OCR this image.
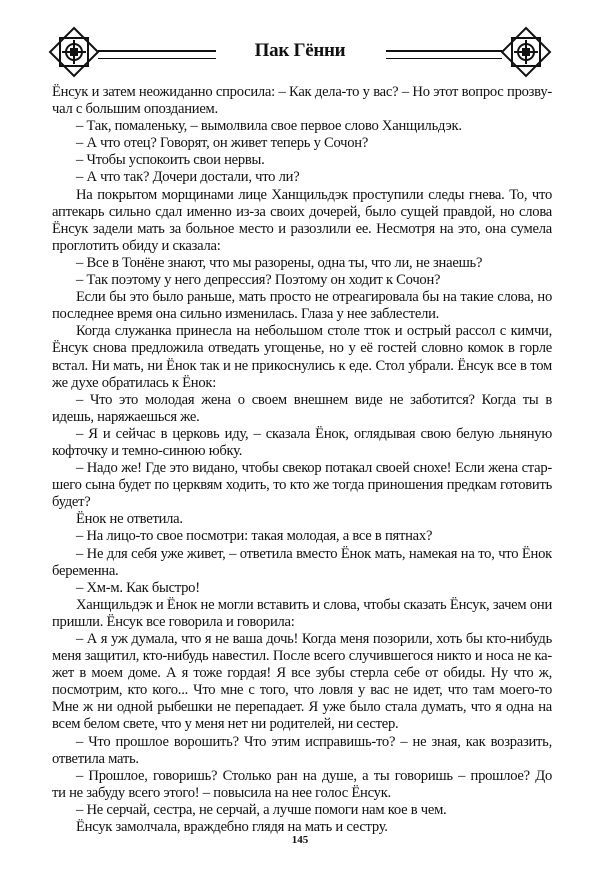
Пак Гённи
Ёнсук и затем неожиданно спросила: – Как дела-то у вас? – Но этот вопрос прозву-
чал с большим опозданием.
– Так, помаленьку, – вымолвила свое первое слово Ханщильдэк.
– А что отец? Говорят, он живет теперь у Сочон?
– Чтобы успокоить свои нервы.
– А что так? Дочери достали, что ли?
На покрытом морщинами лице Ханщильдэк проступили следы гнева. То, что
аптекарь сильно сдал именно из-за своих дочерей, было сущей правдой, но слова
Ёнсук задели мать за больное место и разозлили ее. Несмотря на это, она сумела
проглотить обиду и сказала:
– Все в Тонёне знают, что мы разорены, одна ты, что ли, не знаешь?
– Так поэтому у него депрессия? Поэтому он ходит к Сочон?
Если бы это было раньше, мать просто не отреагировала бы на такие слова, но
последнее время она сильно изменилась. Глаза у нее заблестели.
Когда служанка принесла на небольшом столе тток и острый рассол с кимчи,
Ёнсук снова предложила отведать угощенье, но у её гостей словно комок в горле
встал. Ни мать, ни Ёнок так и не прикоснулись к еде. Стол убрали. Ёнсук все в том
же духе обратилась к Ёнок:
– Что это молодая жена о своем внешнем виде не заботится? Когда ты в
идешь, наряжаешься же.
– Я и сейчас в церковь иду, – сказала Ёнок, оглядывая свою белую льняную
кофточку и темно-синюю юбку.
– Надо же! Где это видано, чтобы свекор потакал своей снохе! Если жена стар-
шего сына будет по церквям ходить, то кто же тогда приношения предкам готовить
будет?
Ёнок не ответила.
– На лицо-то свое посмотри: такая молодая, а все в пятнах?
– Не для себя уже живет, – ответила вместо Ёнок мать, намекая на то, что Ёнок
беременна.
– Хм-м. Как быстро!
Ханщильдэк и Ёнок не могли вставить и слова, чтобы сказать Ёнсук, зачем они
пришли. Ёнсук все говорила и говорила:
– А я уж думала, что я не ваша дочь! Когда меня позорили, хоть бы кто-нибудь
меня защитил, кто-нибудь навестил. После всего случившегося никто и носа не ка-
жет в моем доме. А я тоже гордая! Я все зубы стерла себе от обиды. Ну что ж,
посмотрим, кто кого... Что мне с того, что ловля у вас не идет, что там моего-то
Мне ж ни одной рыбешки не перепадает. Я уже было стала думать, что я одна на
всем белом свете, что у меня нет ни родителей, ни сестер.
– Что прошлое ворошить? Что этим исправишь-то? – не зная, как возразить,
ответила мать.
– Прошлое, говоришь? Столько ран на душе, а ты говоришь – прошлое? До
ти не забуду всего этого! – повысила на нее голос Ёнсук.
– Не серчай, сестра, не серчай, а лучше помоги нам кое в чем.
Ёнсук замолчала, враждебно глядя на мать и сестру.
145
